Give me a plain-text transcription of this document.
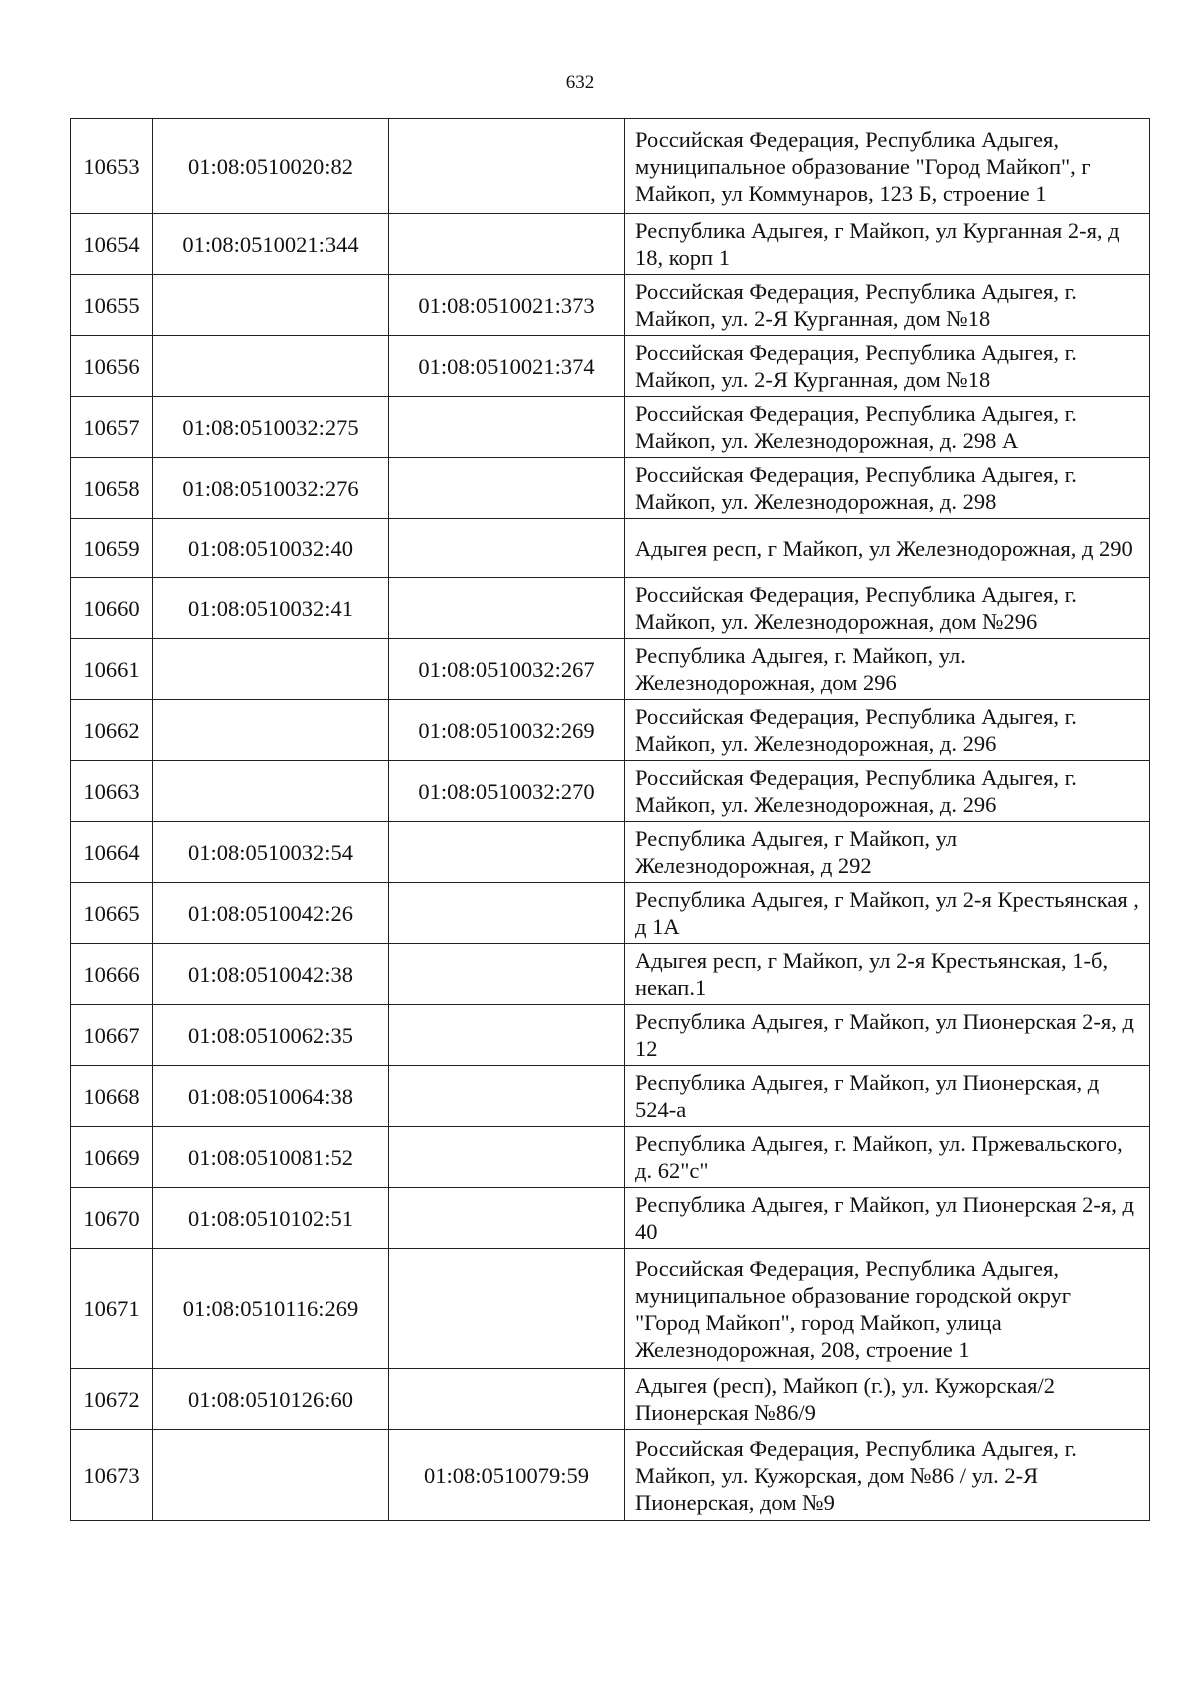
632
10653	01:08:0510020:82		Российская Федерация, Республика Адыгея, муниципальное образование "Город Майкоп", г Майкоп, ул Коммунаров, 123 Б, строение 1
10654	01:08:0510021:344		Республика Адыгея, г Майкоп, ул Курганная 2-я, д 18, корп 1
10655		01:08:0510021:373	Российская Федерация, Республика Адыгея, г. Майкоп, ул. 2-Я Курганная, дом №18
10656		01:08:0510021:374	Российская Федерация, Республика Адыгея, г. Майкоп, ул. 2-Я Курганная, дом №18
10657	01:08:0510032:275		Российская Федерация, Республика Адыгея, г. Майкоп, ул. Железнодорожная, д. 298 А
10658	01:08:0510032:276		Российская Федерация, Республика Адыгея, г. Майкоп, ул. Железнодорожная, д. 298
10659	01:08:0510032:40		Адыгея респ, г Майкоп, ул Железнодорожная, д 290
10660	01:08:0510032:41		Российская Федерация, Республика Адыгея, г. Майкоп, ул. Железнодорожная, дом №296
10661		01:08:0510032:267	Республика Адыгея, г. Майкоп, ул. Железнодорожная, дом 296
10662		01:08:0510032:269	Российская Федерация, Республика Адыгея, г. Майкоп, ул. Железнодорожная, д. 296
10663		01:08:0510032:270	Российская Федерация, Республика Адыгея, г. Майкоп, ул. Железнодорожная, д. 296
10664	01:08:0510032:54		Республика Адыгея, г Майкоп, ул Железнодорожная, д 292
10665	01:08:0510042:26		Республика Адыгея, г Майкоп, ул 2-я Крестьянская , д 1А
10666	01:08:0510042:38		Адыгея респ, г Майкоп, ул 2-я Крестьянская, 1-б, некап.1
10667	01:08:0510062:35		Республика Адыгея, г Майкоп, ул Пионерская 2-я, д 12
10668	01:08:0510064:38		Республика Адыгея, г Майкоп, ул Пионерская, д 524-а
10669	01:08:0510081:52		Республика Адыгея, г. Майкоп, ул. Пржевальского, д. 62"с"
10670	01:08:0510102:51		Республика Адыгея, г Майкоп, ул Пионерская 2-я, д 40
10671	01:08:0510116:269		Российская Федерация, Республика Адыгея, муниципальное образование городской округ "Город Майкоп", город Майкоп, улица Железнодорожная, 208, строение 1
10672	01:08:0510126:60		Адыгея (респ), Майкоп (г.), ул. Кужорская/2 Пионерская №86/9
10673		01:08:0510079:59	Российская Федерация, Республика Адыгея, г. Майкоп, ул. Кужорская, дом №86 / ул. 2-Я Пионерская, дом №9
